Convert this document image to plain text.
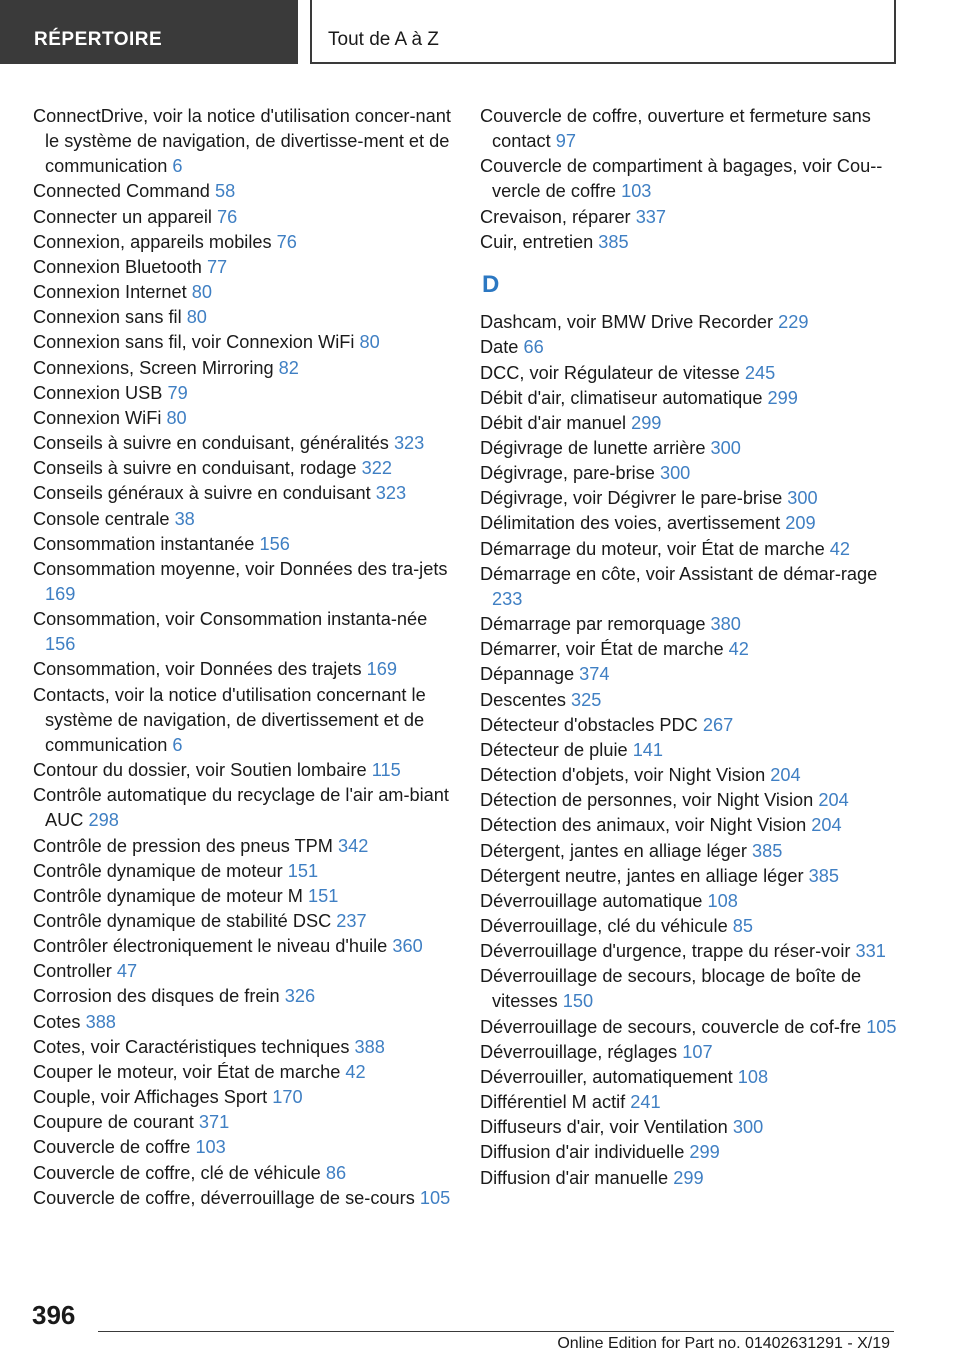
RÉPERTOIRE	Tout de A à Z
ConnectDrive, voir la notice d'utilisation concer-nant le système de navigation, de divertisse-ment et de communication 6
Connected Command 58
Connecter un appareil 76
Connexion, appareils mobiles 76
Connexion Bluetooth 77
Connexion Internet 80
Connexion sans fil 80
Connexion sans fil, voir Connexion WiFi 80
Connexions, Screen Mirroring 82
Connexion USB 79
Connexion WiFi 80
Conseils à suivre en conduisant, généralités 323
Conseils à suivre en conduisant, rodage 322
Conseils généraux à suivre en conduisant 323
Console centrale 38
Consommation instantanée 156
Consommation moyenne, voir Données des tra-jets 169
Consommation, voir Consommation instanta-née 156
Consommation, voir Données des trajets 169
Contacts, voir la notice d'utilisation concernant le système de navigation, de divertissement et de communication 6
Contour du dossier, voir Soutien lombaire 115
Contrôle automatique du recyclage de l'air am-biant AUC 298
Contrôle de pression des pneus TPM 342
Contrôle dynamique de moteur 151
Contrôle dynamique de moteur M 151
Contrôle dynamique de stabilité DSC 237
Contrôler électroniquement le niveau d'huile 360
Controller 47
Corrosion des disques de frein 326
Cotes 388
Cotes, voir Caractéristiques techniques 388
Couper le moteur, voir État de marche 42
Couple, voir Affichages Sport 170
Coupure de courant 371
Couvercle de coffre 103
Couvercle de coffre, clé de véhicule 86
Couvercle de coffre, déverrouillage de se-cours 105
Couvercle de coffre, ouverture et fermeture sans contact 97
Couvercle de compartiment à bagages, voir Cou-vercle de coffre 103
Crevaison, réparer 337
Cuir, entretien 385
D
Dashcam, voir BMW Drive Recorder 229
Date 66
DCC, voir Régulateur de vitesse 245
Débit d'air, climatiseur automatique 299
Débit d'air manuel 299
Dégivrage de lunette arrière 300
Dégivrage, pare-brise 300
Dégivrage, voir Dégivrer le pare-brise 300
Délimitation des voies, avertissement 209
Démarrage du moteur, voir État de marche 42
Démarrage en côte, voir Assistant de démar-rage 233
Démarrage par remorquage 380
Démarrer, voir État de marche 42
Dépannage 374
Descentes 325
Détecteur d'obstacles PDC 267
Détecteur de pluie 141
Détection d'objets, voir Night Vision 204
Détection de personnes, voir Night Vision 204
Détection des animaux, voir Night Vision 204
Détergent, jantes en alliage léger 385
Détergent neutre, jantes en alliage léger 385
Déverrouillage automatique 108
Déverrouillage, clé du véhicule 85
Déverrouillage d'urgence, trappe du réser-voir 331
Déverrouillage de secours, blocage de boîte de vitesses 150
Déverrouillage de secours, couvercle de cof-fre 105
Déverrouillage, réglages 107
Déverrouiller, automatiquement 108
Différentiel M actif 241
Diffuseurs d'air, voir Ventilation 300
Diffusion d'air individuelle 299
Diffusion d'air manuelle 299
396
Online Edition for Part no. 01402631291 - X/19
